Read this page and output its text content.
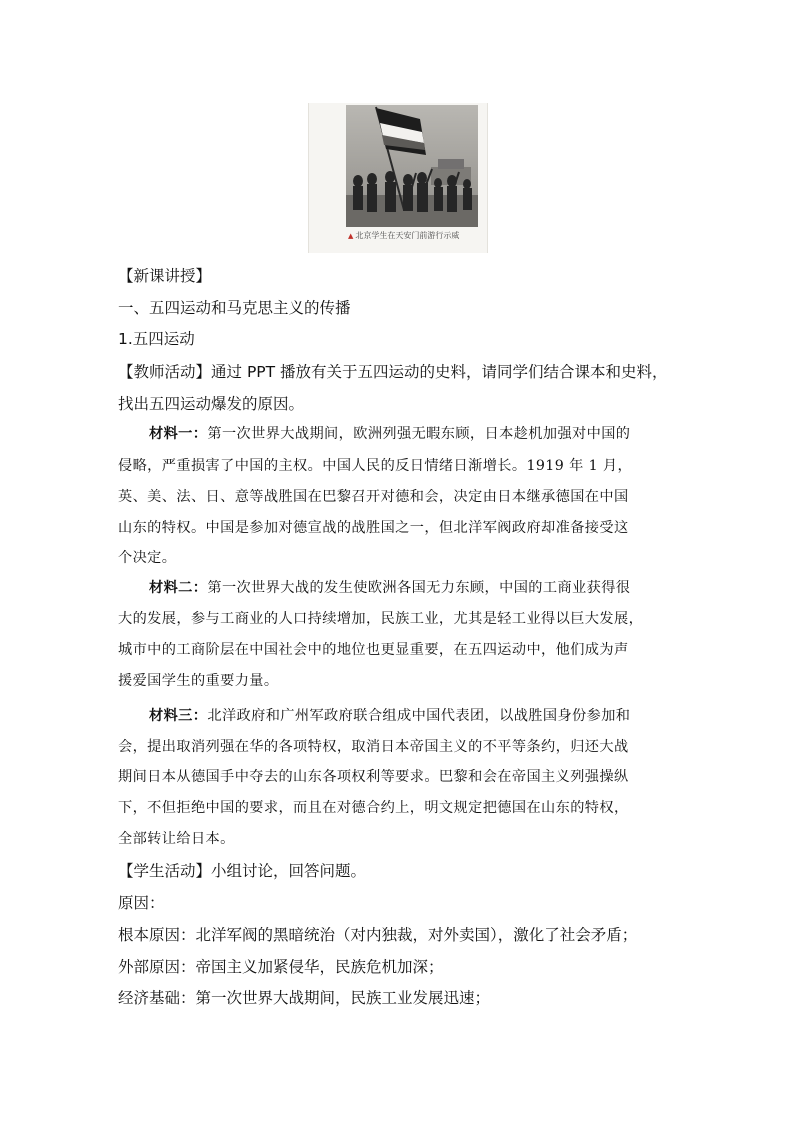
▲ 北京学生在天安门前游行示威
【新课讲授】
一、五四运动和马克思主义的传播
1.五四运动
【教师活动】通过 PPT 播放有关于五四运动的史料，请同学们结合课本和史料，
找出五四运动爆发的原因。
材料一：第一次世界大战期间，欧洲列强无暇东顾，日本趁机加强对中国的
侵略，严重损害了中国的主权。中国人民的反日情绪日渐增长。1919 年 1 月，
英、美、法、日、意等战胜国在巴黎召开对德和会，决定由日本继承德国在中国
山东的特权。中国是参加对德宣战的战胜国之一，但北洋军阀政府却准备接受这
个决定。
材料二：第一次世界大战的发生使欧洲各国无力东顾，中国的工商业获得很
大的发展，参与工商业的人口持续增加，民族工业，尤其是轻工业得以巨大发展，
城市中的工商阶层在中国社会中的地位也更显重要，在五四运动中，他们成为声
援爱国学生的重要力量。
材料三：北洋政府和广州军政府联合组成中国代表团，以战胜国身份参加和
会，提出取消列强在华的各项特权，取消日本帝国主义的不平等条约，归还大战
期间日本从德国手中夺去的山东各项权利等要求。巴黎和会在帝国主义列强操纵
下，不但拒绝中国的要求，而且在对德合约上，明文规定把德国在山东的特权，
全部转让给日本。
【学生活动】小组讨论，回答问题。
原因：
根本原因：北洋军阀的黑暗统治（对内独裁，对外卖国），激化了社会矛盾；
外部原因：帝国主义加紧侵华，民族危机加深；
经济基础：第一次世界大战期间，民族工业发展迅速；
